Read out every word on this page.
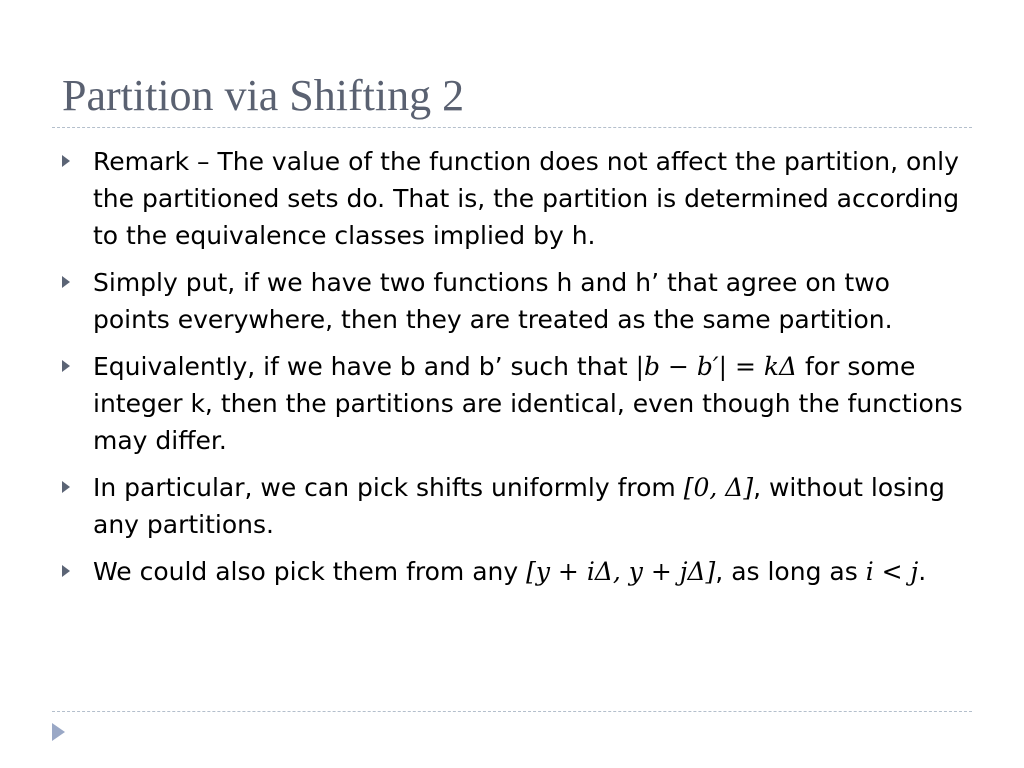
Partition via Shifting 2
Remark – The value of the function does not affect the partition, only the partitioned sets do. That is, the partition is determined according to the equivalence classes implied by h.
Simply put, if we have two functions h and h’ that agree on two points everywhere, then they are treated as the same partition.
Equivalently, if we have b and b’ such that |b − b′| = kΔ for some integer k, then the partitions are identical, even though the functions may differ.
In particular, we can pick shifts uniformly from [0, Δ], without losing any partitions.
We could also pick them from any [y + iΔ, y + jΔ], as long as i < j.
